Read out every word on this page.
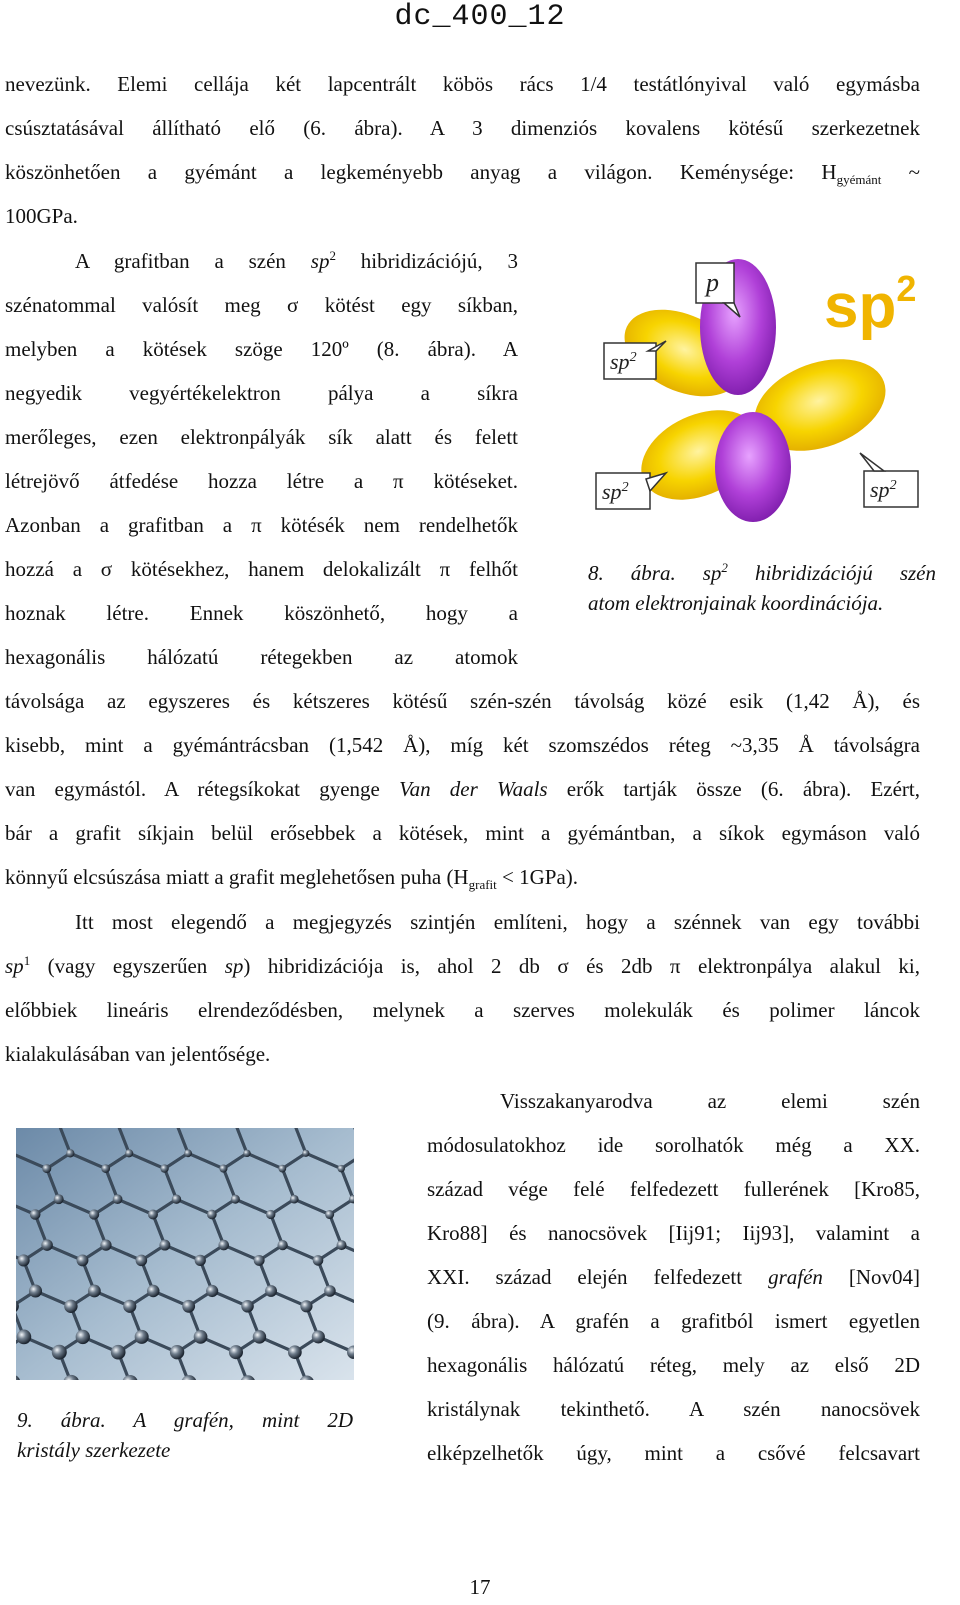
dc_400_12
nevezünk. Elemi cellája két lapcentrált köbös rács 1/4 testátlónyival való egymásba
csúsztatásával állítható elő (6. ábra). A 3 dimenziós kovalens kötésű szerkezetnek
köszönhetően a gyémánt a legkeményebb anyag a világon. Keménysége: $H_{gyémánt}$ ~
100GPa.
A grafitban a szén $sp^2$ hibridizációjú, 3
szénatommal valósít meg σ kötést egy síkban,
melyben a kötések szöge 120º (8. ábra). A
negyedik vegyértékelektron pálya a síkra
merőleges, ezen elektronpályák sík alatt és felett
létrejövő átfedése hozza létre a π kötéseket.
Azonban a grafitban a π kötésék nem rendelhetők
hozzá a σ kötésekhez, hanem delokalizált π felhőt
hoznak létre. Ennek köszönhető, hogy a
hexagonális hálózatú rétegekben az atomok
távolsága az egyszeres és kétszeres kötésű szén-szén távolság közé esik (1,42 Å), és
kisebb, mint a gyémántrácsban (1,542 Å), míg két szomszédos réteg ~3,35 Å távolságra
van egymástól. A rétegsíkokat gyenge Van der Waals erők tartják össze (6. ábra). Ezért,
bár a grafit síkjain belül erősebbek a kötések, mint a gyémántban, a síkok egymáson való
könnyű elcsúszása miatt a grafit meglehetősen puha $(H_{grafit} < 1GPa)$.
Itt most elegendő a megjegyzés szintjén említeni, hogy a szénnek van egy további
$sp^1$ (vagy egyszerűen sp) hibridizációja is, ahol 2 db σ és 2db π elektronpálya alakul ki,
előbbiek lineáris elrendeződésben, melynek a szerves molekulák és polimer láncok
kialakulásában van jelentősége.
Visszakanyarodva az elemi szén
módosulatokhoz ide sorolhatók még a XX.
század vége felé felfedezett fullerének [Kro85,
Kro88] és nanocsövek [Iij91; Iij93], valamint a
XXI. század elején felfedezett grafén [Nov04]
(9. ábra). A grafén a grafitból ismert egyetlen
hexagonális hálózatú réteg, mely az első 2D
kristálynak tekinthető. A szén nanocsövek
elképzelhetők úgy, mint a csővé felcsavart
p
$sp^2$
$sp^2$	$sp^2$
$sp^2$
8. ábra. $sp^2$ hibridizációjú szén
atom elektronjainak koordinációja.
9. ábra. A grafén, mint 2D
kristály szerkezete
17
